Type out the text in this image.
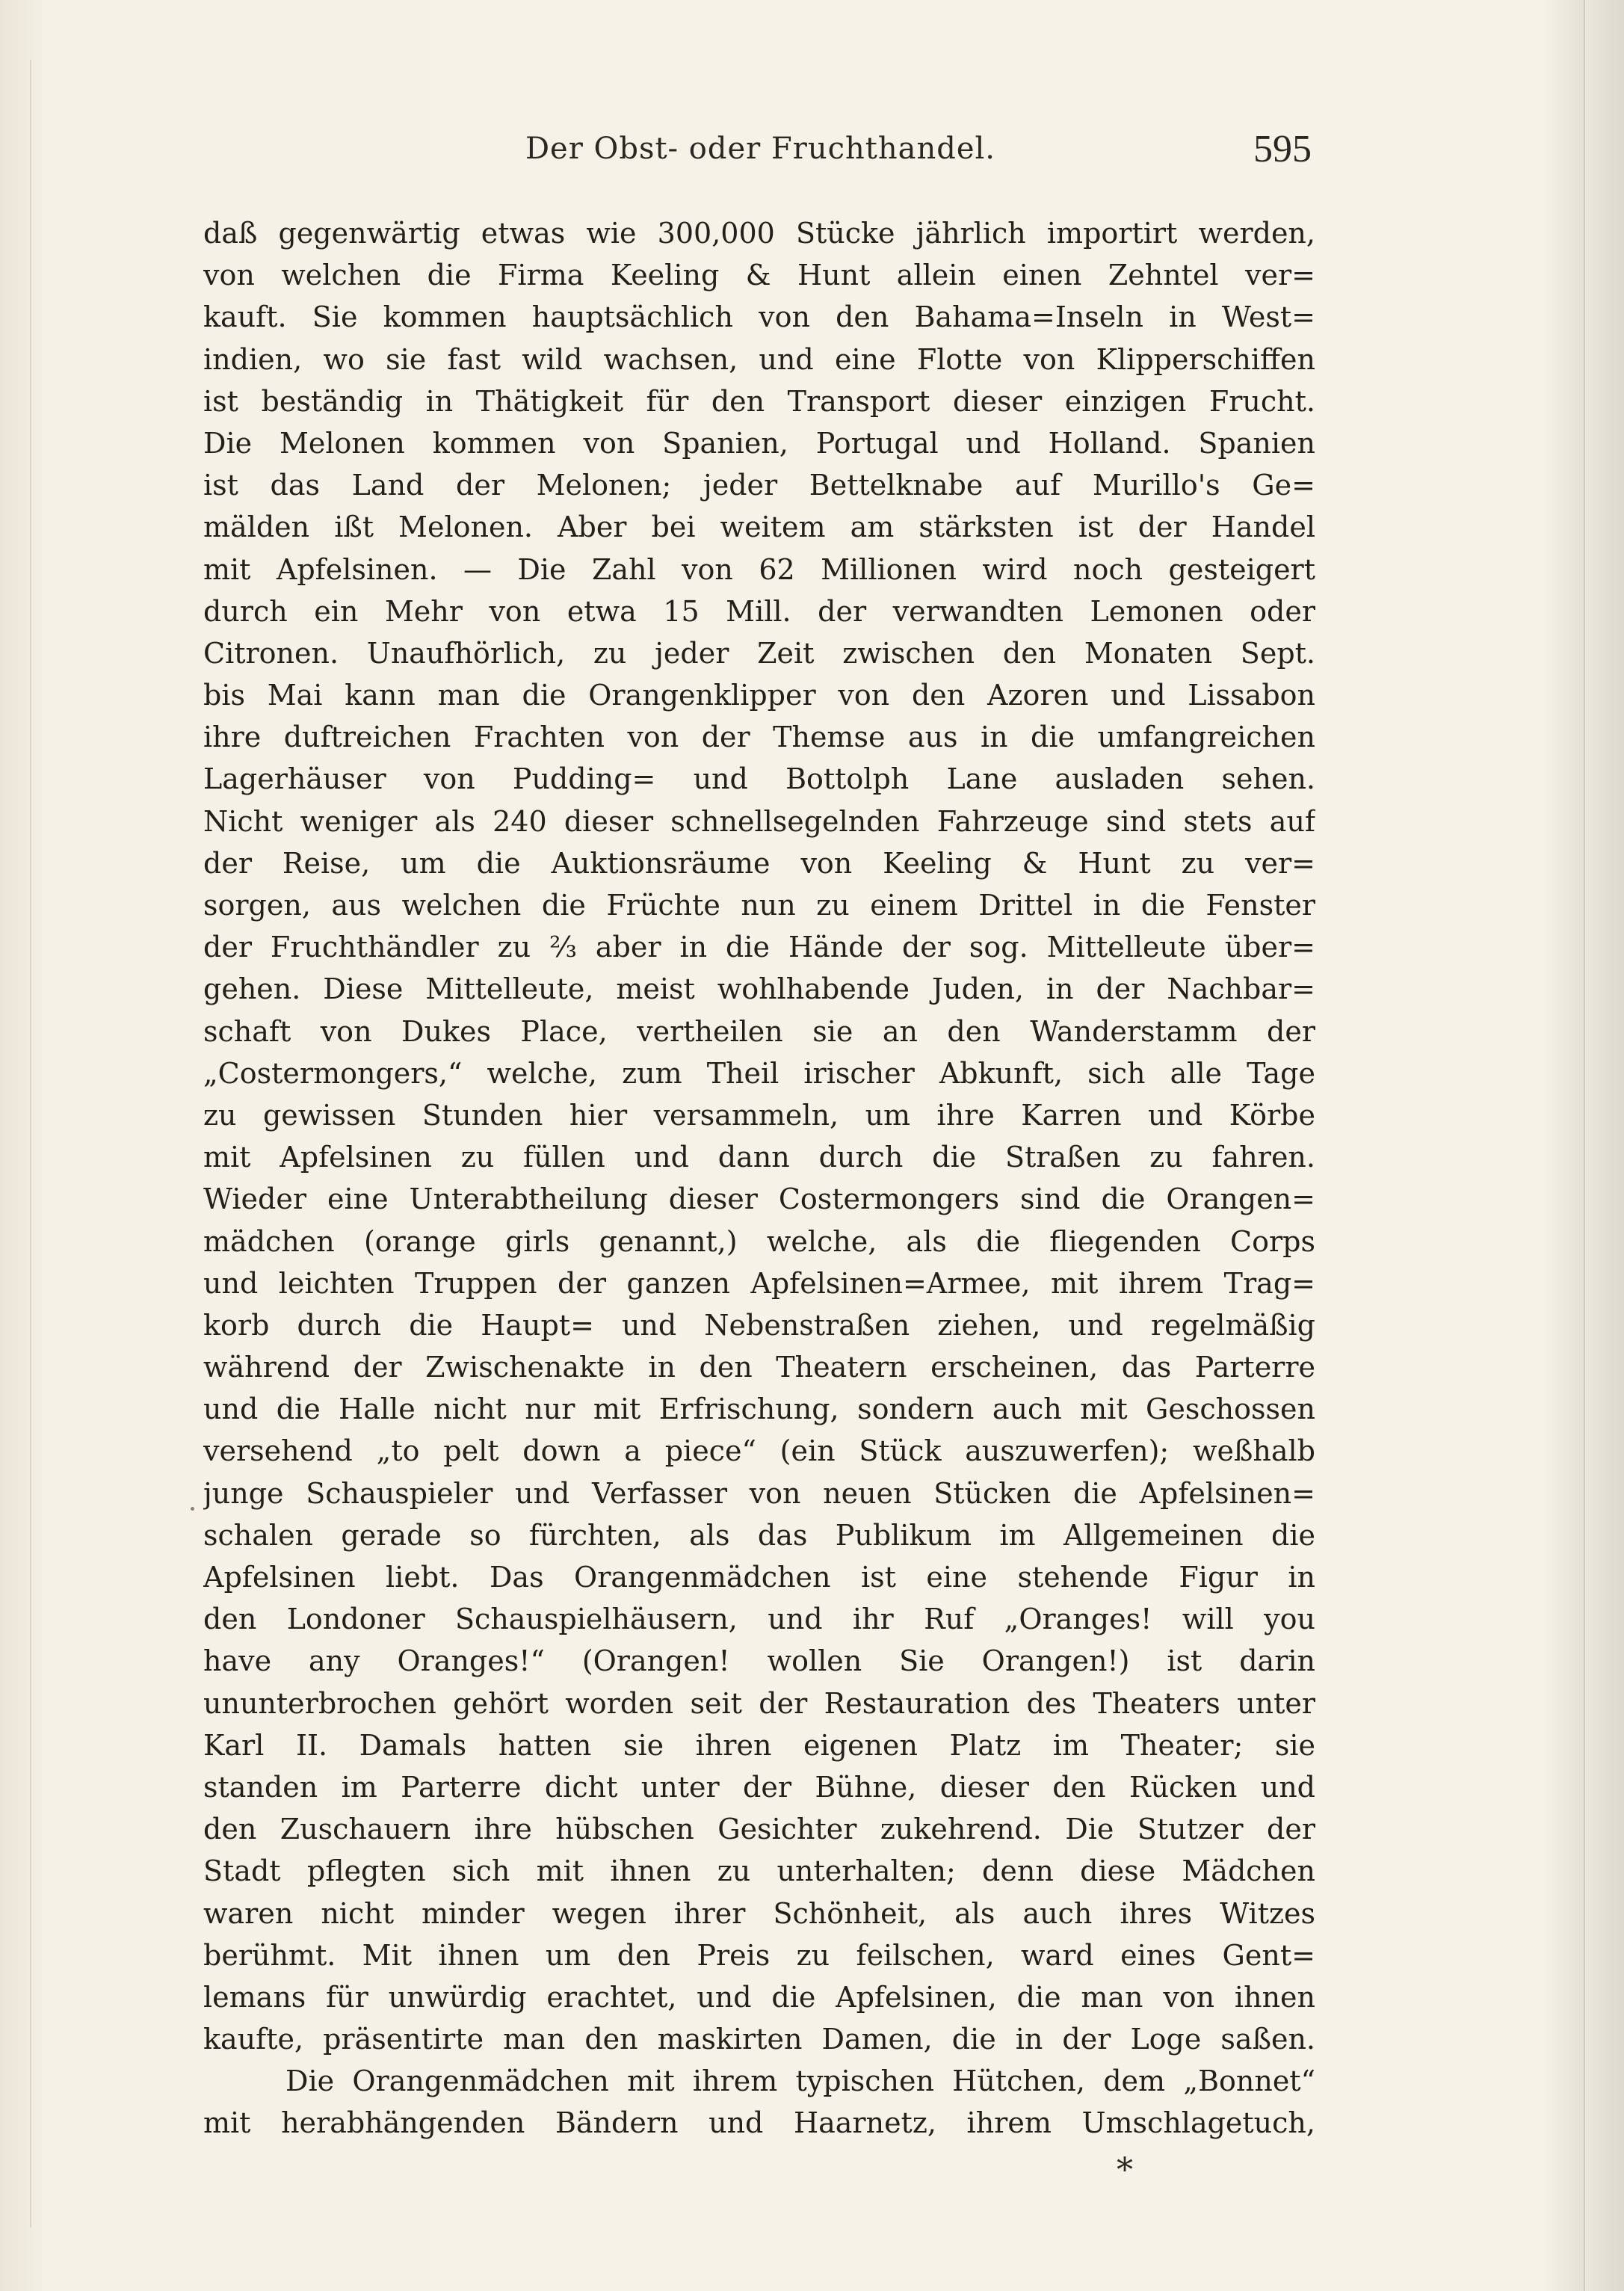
Der Obst- oder Fruchthandel.	595
daß gegenwärtig etwas wie 300,000 Stücke jährlich importirt werden,
von welchen die Firma Keeling & Hunt allein einen Zehntel ver=
kauft. Sie kommen hauptsächlich von den Bahama=Inseln in West=
indien, wo sie fast wild wachsen, und eine Flotte von Klipperschiffen
ist beständig in Thätigkeit für den Transport dieser einzigen Frucht.
Die Melonen kommen von Spanien, Portugal und Holland. Spanien
ist das Land der Melonen; jeder Bettelknabe auf Murillo's Ge=
mälden ißt Melonen. Aber bei weitem am stärksten ist der Handel
mit Apfelsinen. — Die Zahl von 62 Millionen wird noch gesteigert
durch ein Mehr von etwa 15 Mill. der verwandten Lemonen oder
Citronen. Unaufhörlich, zu jeder Zeit zwischen den Monaten Sept.
bis Mai kann man die Orangenklipper von den Azoren und Lissabon
ihre duftreichen Frachten von der Themse aus in die umfangreichen
Lagerhäuser von Pudding= und Bottolph Lane ausladen sehen.
Nicht weniger als 240 dieser schnellsegelnden Fahrzeuge sind stets auf
der Reise, um die Auktionsräume von Keeling & Hunt zu ver=
sorgen, aus welchen die Früchte nun zu einem Drittel in die Fenster
der Fruchthändler zu ⅔ aber in die Hände der sog. Mittelleute über=
gehen. Diese Mittelleute, meist wohlhabende Juden, in der Nachbar=
schaft von Dukes Place, vertheilen sie an den Wanderstamm der
„Costermongers,“ welche, zum Theil irischer Abkunft, sich alle Tage
zu gewissen Stunden hier versammeln, um ihre Karren und Körbe
mit Apfelsinen zu füllen und dann durch die Straßen zu fahren.
Wieder eine Unterabtheilung dieser Costermongers sind die Orangen=
mädchen (orange girls genannt,) welche, als die fliegenden Corps
und leichten Truppen der ganzen Apfelsinen=Armee, mit ihrem Trag=
korb durch die Haupt= und Nebenstraßen ziehen, und regelmäßig
während der Zwischenakte in den Theatern erscheinen, das Parterre
und die Halle nicht nur mit Erfrischung, sondern auch mit Geschossen
versehend „to pelt down a piece“ (ein Stück auszuwerfen); weßhalb
junge Schauspieler und Verfasser von neuen Stücken die Apfelsinen=
schalen gerade so fürchten, als das Publikum im Allgemeinen die
Apfelsinen liebt. Das Orangenmädchen ist eine stehende Figur in
den Londoner Schauspielhäusern, und ihr Ruf „Oranges! will you
have any Oranges!“ (Orangen! wollen Sie Orangen!) ist darin
ununterbrochen gehört worden seit der Restauration des Theaters unter
Karl II. Damals hatten sie ihren eigenen Platz im Theater; sie
standen im Parterre dicht unter der Bühne, dieser den Rücken und
den Zuschauern ihre hübschen Gesichter zukehrend. Die Stutzer der
Stadt pflegten sich mit ihnen zu unterhalten; denn diese Mädchen
waren nicht minder wegen ihrer Schönheit, als auch ihres Witzes
berühmt. Mit ihnen um den Preis zu feilschen, ward eines Gent=
lemans für unwürdig erachtet, und die Apfelsinen, die man von ihnen
kaufte, präsentirte man den maskirten Damen, die in der Loge saßen.
Die Orangenmädchen mit ihrem typischen Hütchen, dem „Bonnet“
mit herabhängenden Bändern und Haarnetz, ihrem Umschlagetuch,
*
